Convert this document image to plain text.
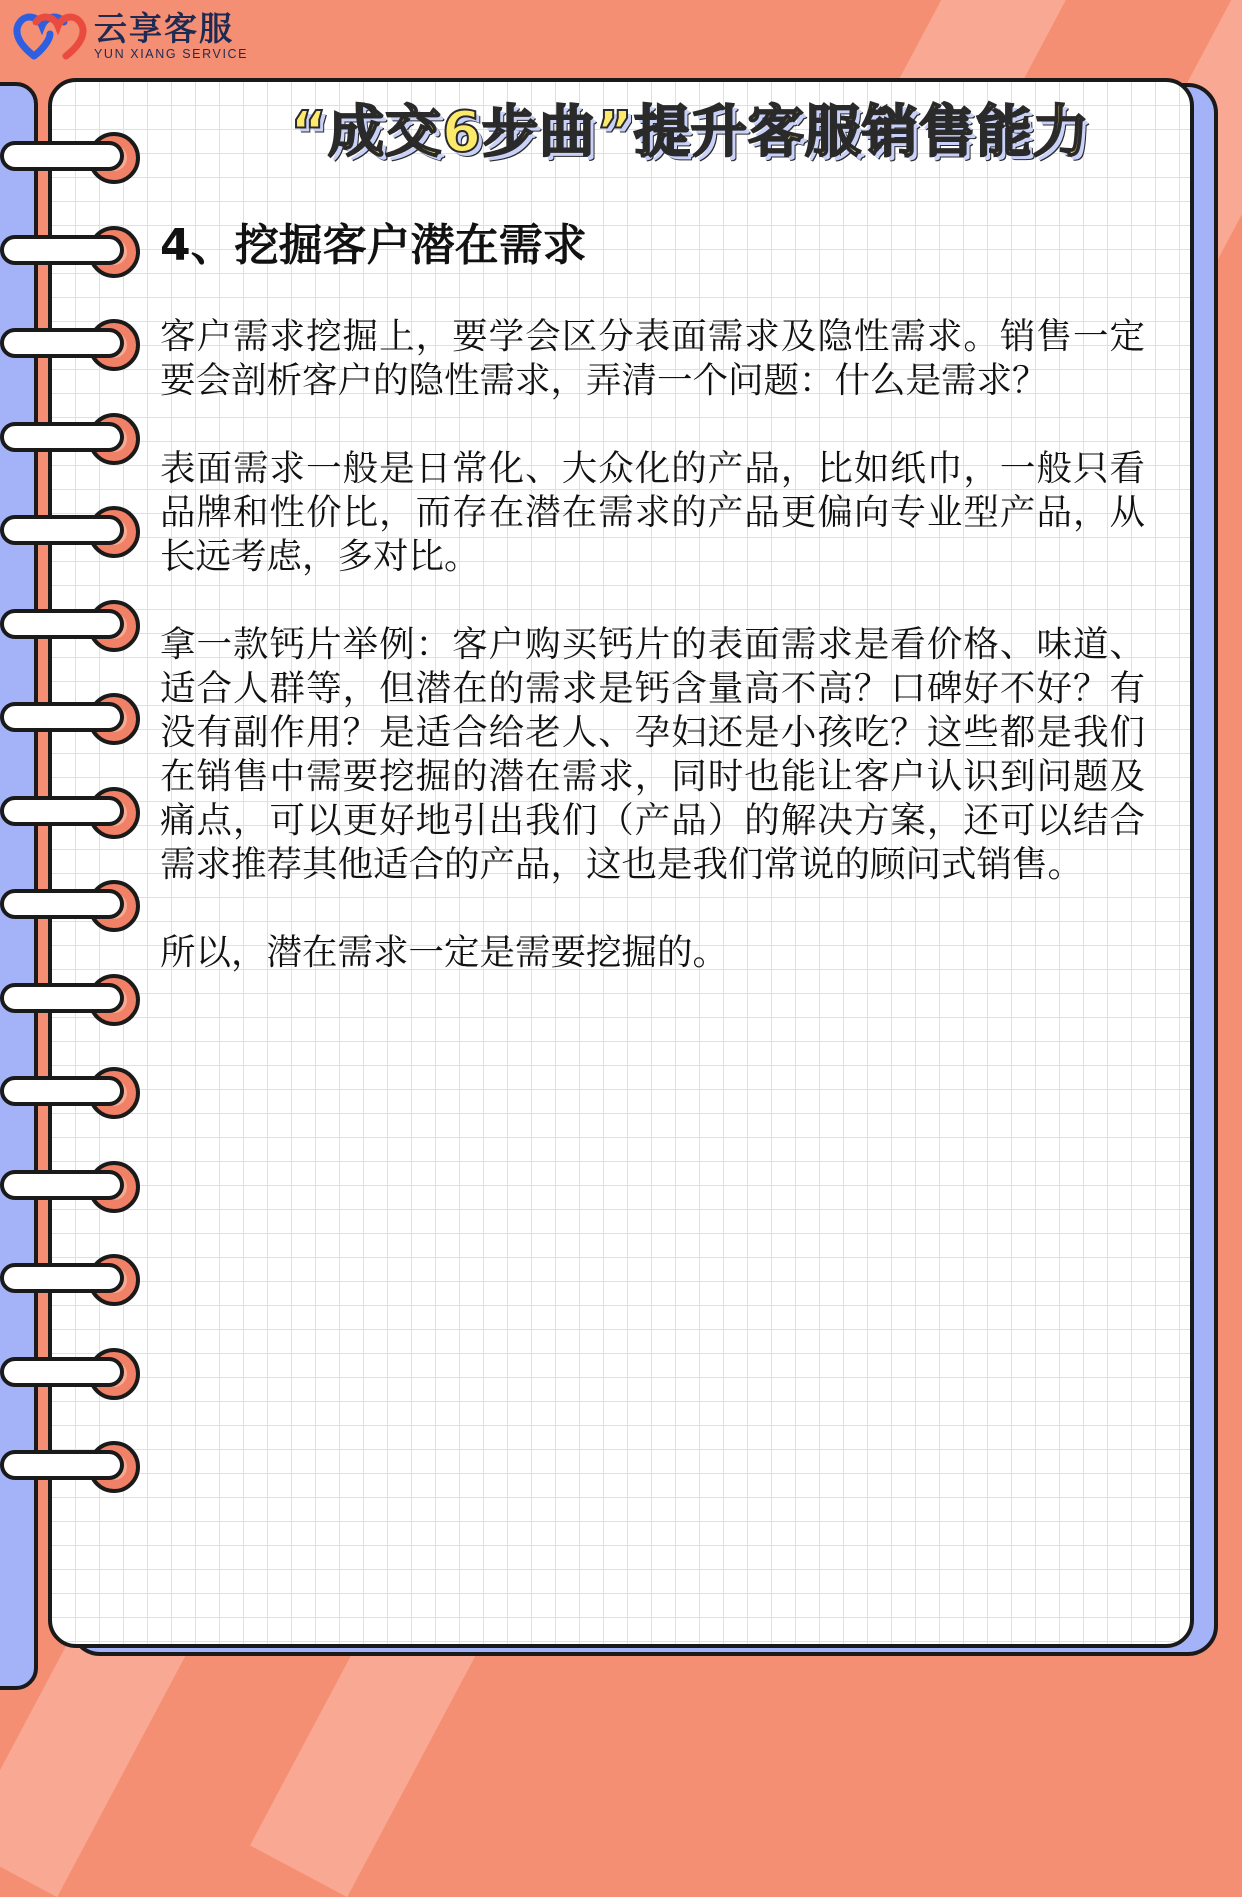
云享客服
YUN XIANG SERVICE
“成交6步曲”提升客服销售能力
4、挖掘客户潜在需求

客户需求挖掘上，要学会区分表面需求及隐性需求。销售一定要会剖析客户的隐性需求，弄清一个问题：什么是需求？

表面需求一般是日常化、大众化的产品，比如纸巾，一般只看品牌和性价比，而存在潜在需求的产品更偏向专业型产品，从长远考虑，多对比。

拿一款钙片举例：客户购买钙片的表面需求是看价格、味道、适合人群等，但潜在的需求是钙含量高不高？口碑好不好？有没有副作用？是适合给老人、孕妇还是小孩吃？这些都是我们在销售中需要挖掘的潜在需求，同时也能让客户认识到问题及痛点，可以更好地引出我们（产品）的解决方案，还可以结合需求推荐其他适合的产品，这也是我们常说的顾问式销售。

所以，潜在需求一定是需要挖掘的。
